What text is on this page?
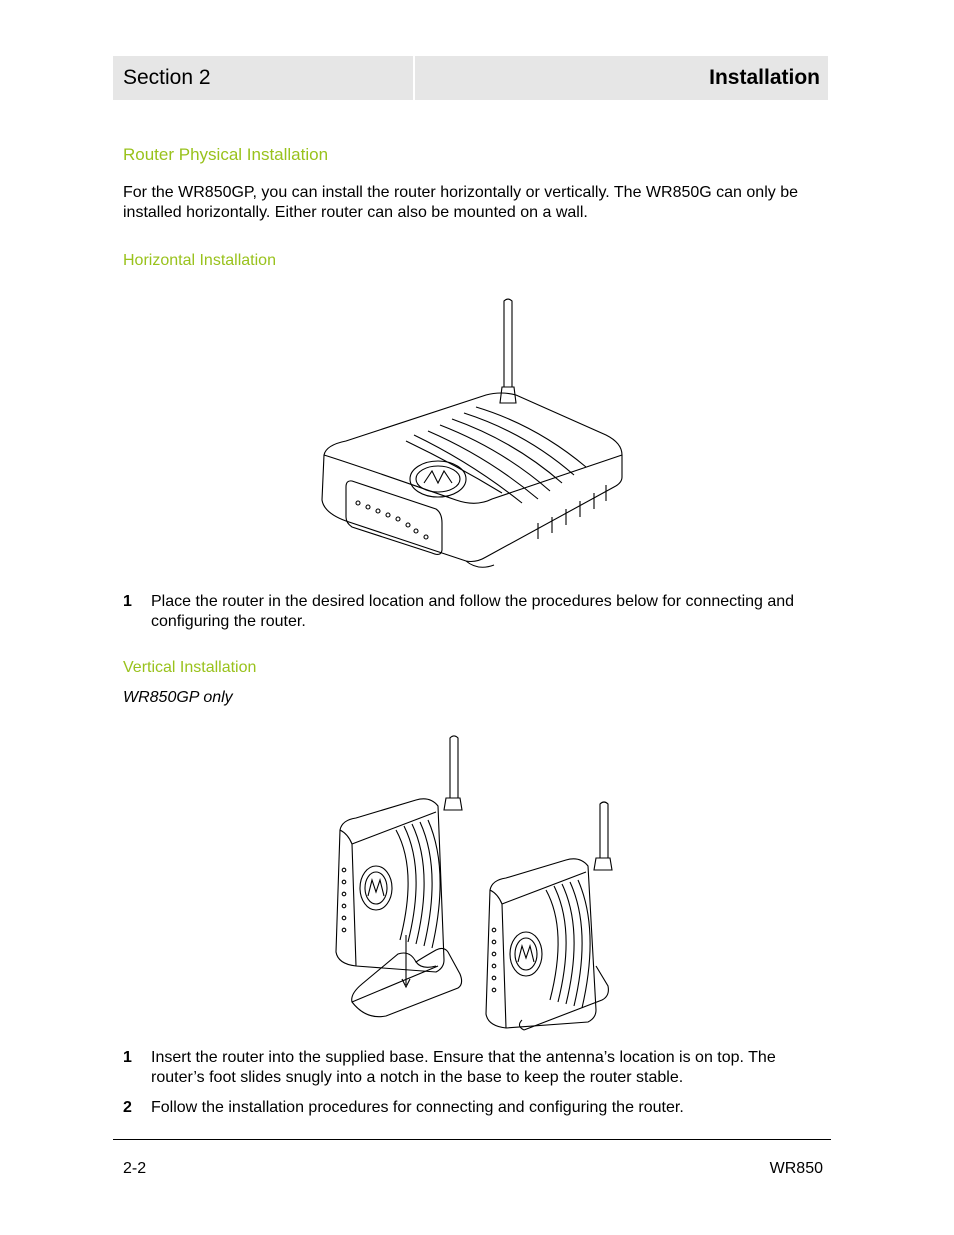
Section 2	Installation
Router Physical Installation
For the WR850GP, you can install the router horizontally or vertically. The WR850G can only be installed horizontally. Either router can also be mounted on a wall.
Horizontal Installation
1	Place the router in the desired location and follow the procedures below for connecting and configuring the router.
Vertical Installation
WR850GP only
1	Insert the router into the supplied base. Ensure that the antenna’s location is on top. The router’s foot slides snugly into a notch in the base to keep the router stable.
2	Follow the installation procedures for connecting and configuring the router.
2-2	WR850
